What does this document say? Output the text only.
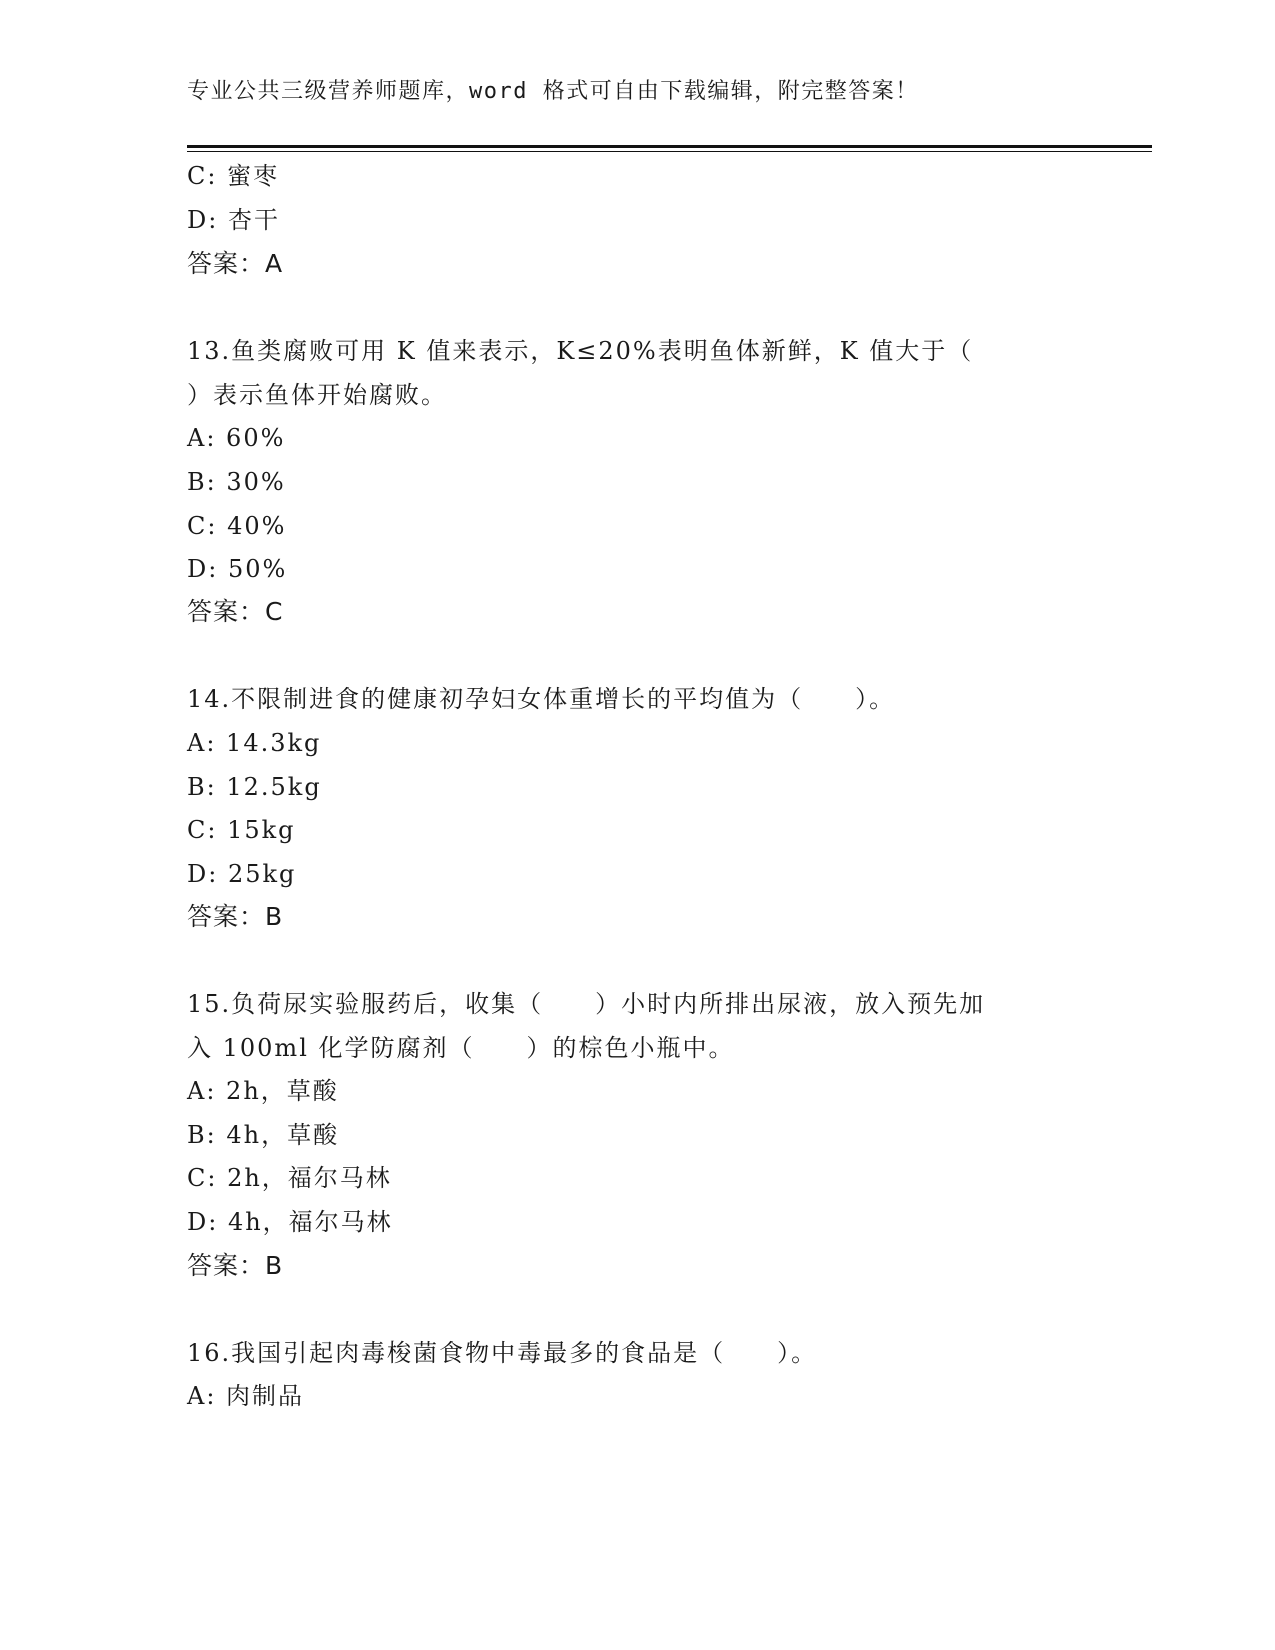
专业公共三级营养师题库，word 格式可自由下载编辑，附完整答案！
C: 蜜枣
D: 杏干
答案：A
13.鱼类腐败可用 K 值来表示，K≤20%表明鱼体新鲜，K 值大于（
）表示鱼体开始腐败。
A: 60%
B: 30%
C: 40%
D: 50%
答案：C
14.不限制进食的健康初孕妇女体重增长的平均值为（　　）。
A: 14.3kg
B: 12.5kg
C: 15kg
D: 25kg
答案：B
15.负荷尿实验服药后，收集（　　）小时内所排出尿液，放入预先加
入 100ml 化学防腐剂（　　）的棕色小瓶中。
A: 2h，草酸
B: 4h，草酸
C: 2h，福尔马林
D: 4h，福尔马林
答案：B
16.我国引起肉毒梭菌食物中毒最多的食品是（　　）。
A: 肉制品
